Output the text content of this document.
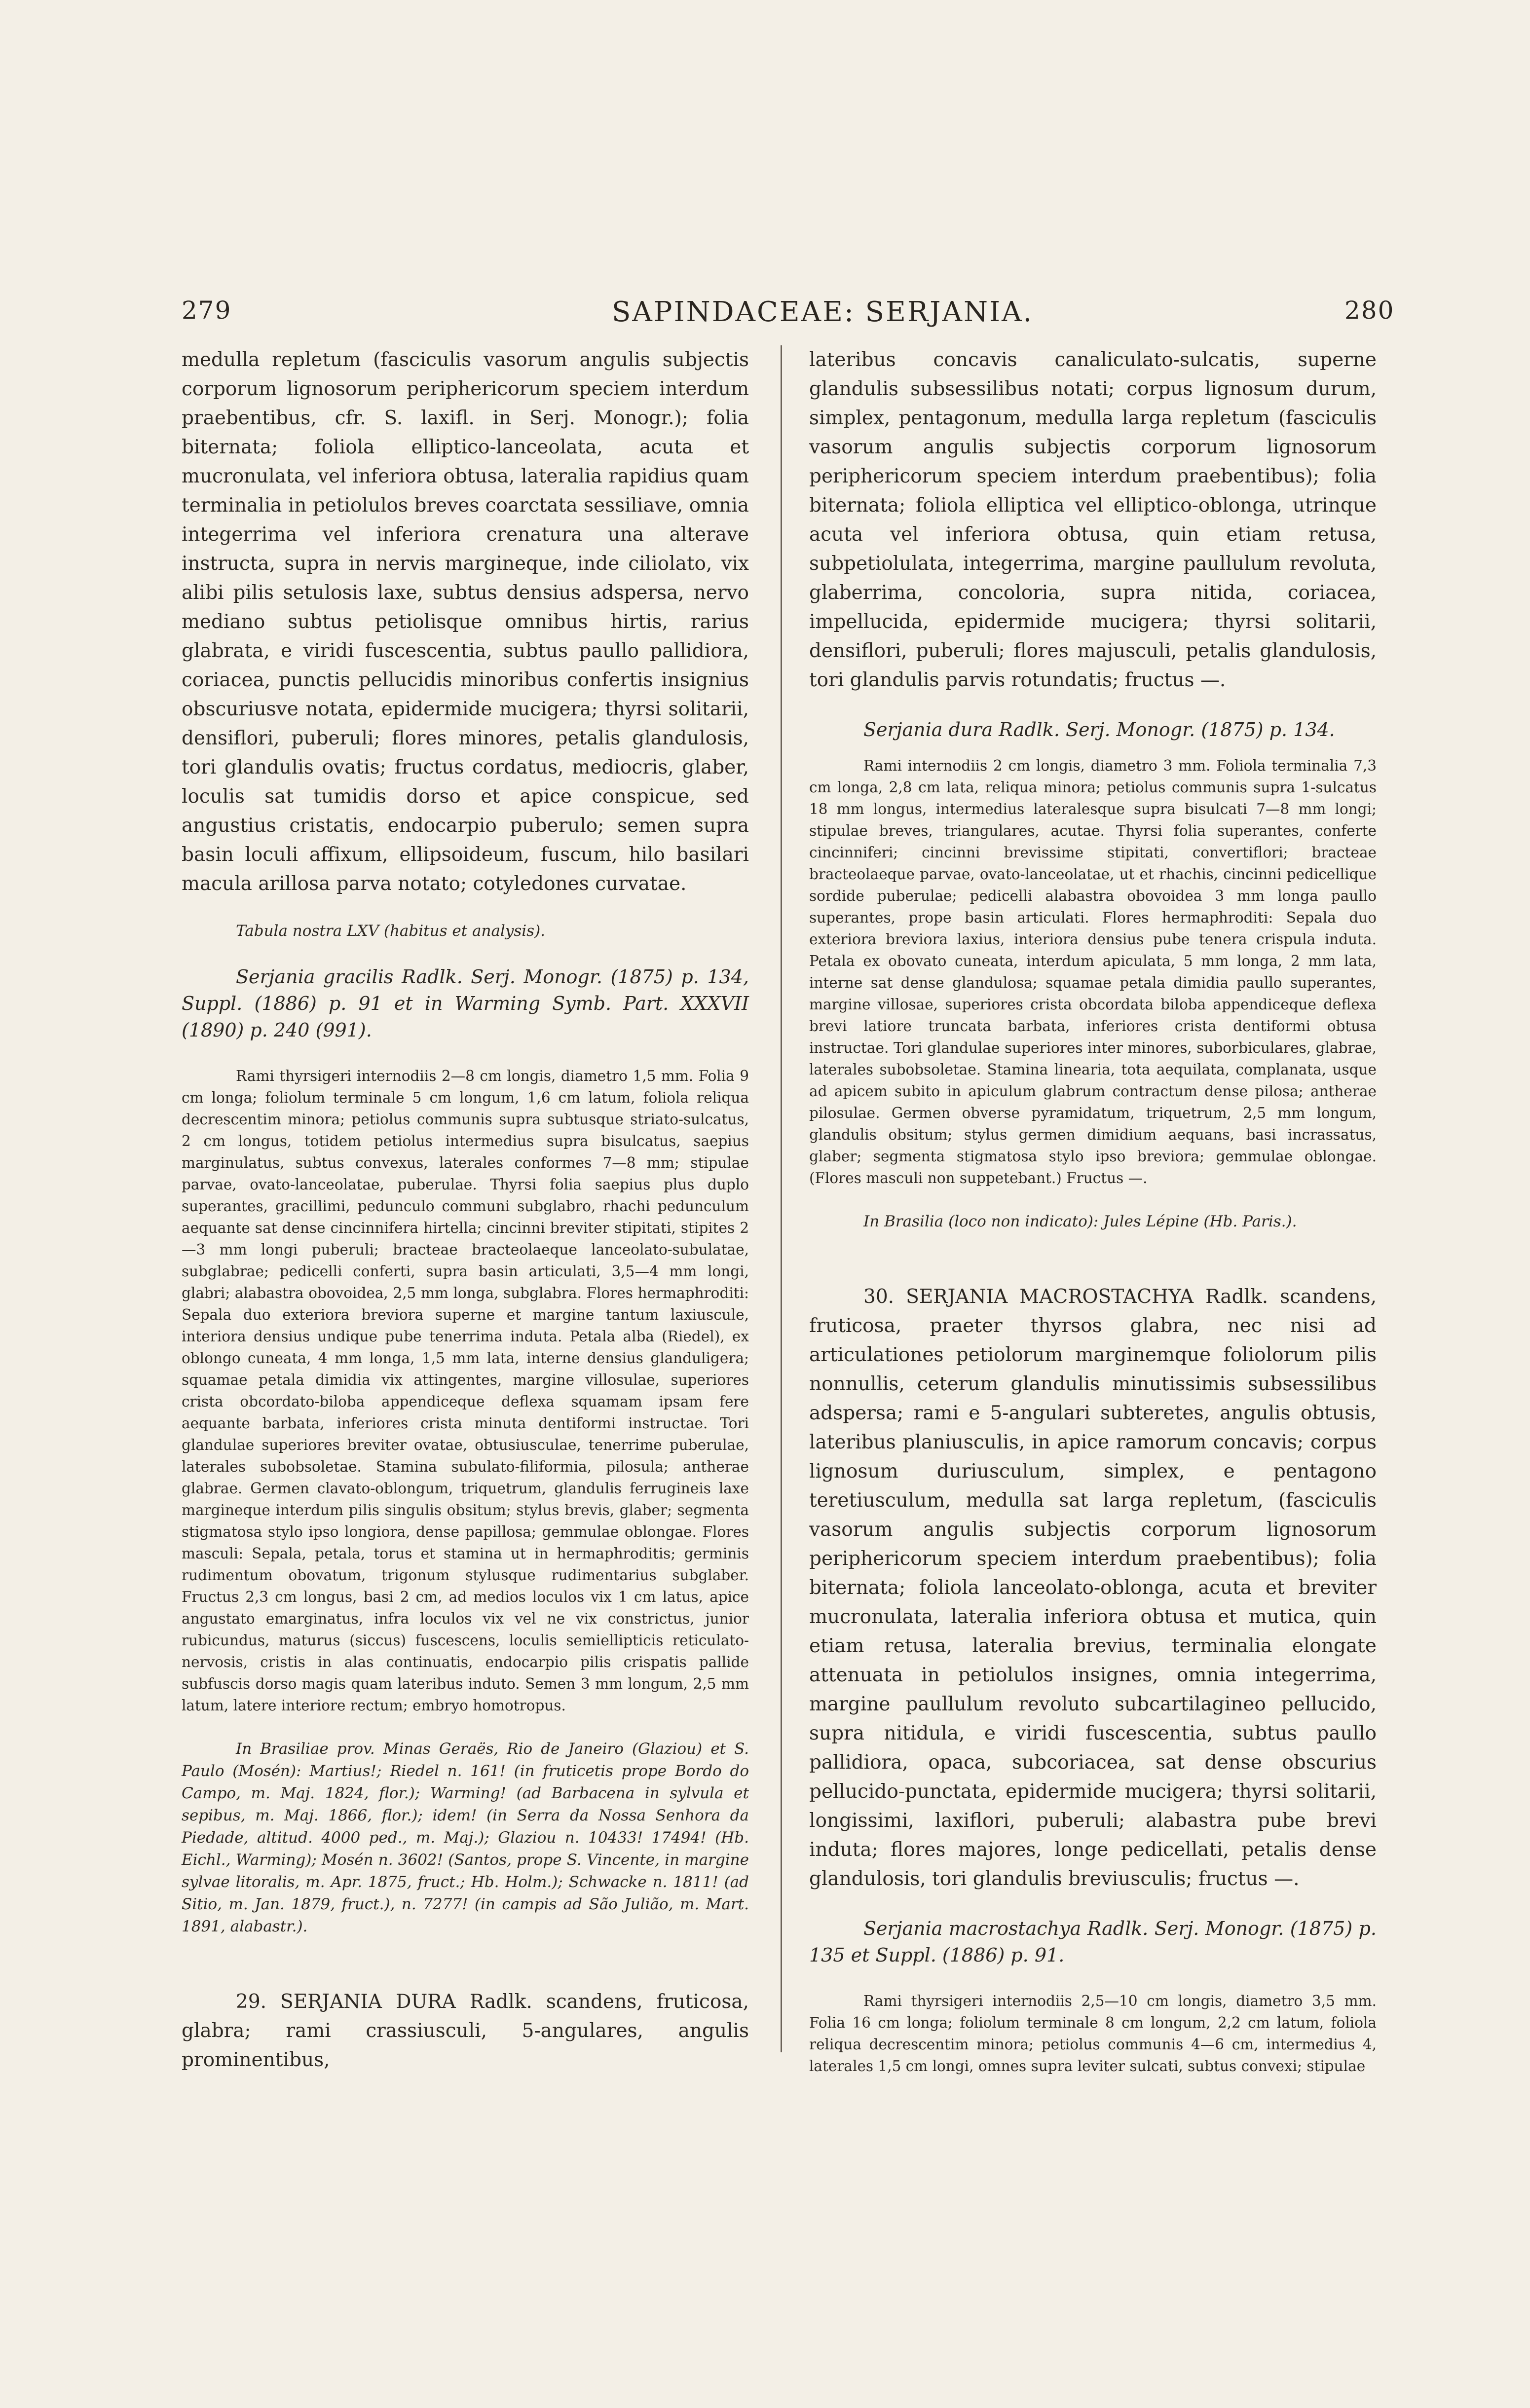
279	SAPINDACEAE: SERJANIA.	280

medulla repletum (fasciculis vasorum angulis subjectis corporum lignosorum periphericorum speciem interdum praebentibus, cfr. S. laxifl. in Serj. Monogr.); folia biternata; foliola elliptico-lanceolata, acuta et mucronulata, vel inferiora obtusa, lateralia rapidius quam terminalia in petiolulos breves coarctata sessiliave, omnia integerrima vel inferiora crenatura una alterave instructa, supra in nervis margineque, inde ciliolato, vix alibi pilis setulosis laxe, subtus densius adspersa, nervo mediano subtus petiolisque omnibus hirtis, rarius glabrata, e viridi fuscescentia, subtus paullo pallidiora, coriacea, punctis pellucidis minoribus confertis insignius obscuriusve notata, epidermide mucigera; thyrsi solitarii, densiflori, puberuli; flores minores, petalis glandulosis, tori glandulis ovatis; fructus cordatus, mediocris, glaber, loculis sat tumidis dorso et apice conspicue, sed angustius cristatis, endocarpio puberulo; semen supra basin loculi affixum, ellipsoideum, fuscum, hilo basilari macula arillosa parva notato; cotyledones curvatae.

Tabula nostra LXV (habitus et analysis).

Serjania gracilis Radlk. Serj. Monogr. (1875) p. 134, Suppl. (1886) p. 91 et in Warming Symb. Part. XXXVII (1890) p. 240 (991).

Rami thyrsigeri internodiis 2—8 cm longis, diametro 1,5 mm. Folia 9 cm longa; foliolum terminale 5 cm longum, 1,6 cm latum, foliola reliqua decrescentim minora; petiolus communis supra subtusque striato-sulcatus, 2 cm longus, totidem petiolus intermedius supra bisulcatus, saepius marginulatus, subtus convexus, laterales conformes 7—8 mm; stipulae parvae, ovato-lanceolatae, puberulae. Thyrsi folia saepius plus duplo superantes, gracillimi, pedunculo communi subglabro, rhachi pedunculum aequante sat dense cincinnifera hirtella; cincinni breviter stipitati, stipites 2—3 mm longi puberuli; bracteae bracteolaeque lanceolato-subulatae, subglabrae; pedicelli conferti, supra basin articulati, 3,5—4 mm longi, glabri; alabastra obovoidea, 2,5 mm longa, subglabra. Flores hermaphroditi: Sepala duo exteriora breviora superne et margine tantum laxiuscule, interiora densius undique pube tenerrima induta. Petala alba (Riedel), ex oblongo cuneata, 4 mm longa, 1,5 mm lata, interne densius glanduligera; squamae petala dimidia vix attingentes, margine villosulae, superiores crista obcordato-biloba appendiceque deflexa squamam ipsam fere aequante barbata, inferiores crista minuta dentiformi instructae. Tori glandulae superiores breviter ovatae, obtusiusculae, tenerrime puberulae, laterales subobsoletae. Stamina subulato-filiformia, pilosula; antherae glabrae. Germen clavato-oblongum, triquetrum, glandulis ferrugineis laxe margineque interdum pilis singulis obsitum; stylus brevis, glaber; segmenta stigmatosa stylo ipso longiora, dense papillosa; gemmulae oblongae. Flores masculi: Sepala, petala, torus et stamina ut in hermaphroditis; germinis rudimentum obovatum, trigonum stylusque rudimentarius subglaber. Fructus 2,3 cm longus, basi 2 cm, ad medios loculos vix 1 cm latus, apice angustato emarginatus, infra loculos vix vel ne vix constrictus, junior rubicundus, maturus (siccus) fuscescens, loculis semiellipticis reticulato-nervosis, cristis in alas continuatis, endocarpio pilis crispatis pallide subfuscis dorso magis quam lateribus induto. Semen 3 mm longum, 2,5 mm latum, latere interiore rectum; embryo homotropus.

In Brasiliae prov. Minas Geraës, Rio de Janeiro (Glaziou) et S. Paulo (Mosén): Martius!; Riedel n. 161! (in fruticetis prope Bordo do Campo, m. Maj. 1824, flor.); Warming! (ad Barbacena in sylvula et sepibus, m. Maj. 1866, flor.); idem! (in Serra da Nossa Senhora da Piedade, altitud. 4000 ped., m. Maj.); Glaziou n. 10433! 17494! (Hb. Eichl., Warming); Mosén n. 3602! (Santos, prope S. Vincente, in margine sylvae litoralis, m. Apr. 1875, fruct.; Hb. Holm.); Schwacke n. 1811! (ad Sitio, m. Jan. 1879, fruct.), n. 7277! (in campis ad São Julião, m. Mart. 1891, alabastr.).

29. SERJANIA DURA Radlk. scandens, fruticosa, glabra; rami crassiusculi, 5-angulares, angulis prominentibus,

lateribus concavis canaliculato-sulcatis, superne glandulis subsessilibus notati; corpus lignosum durum, simplex, pentagonum, medulla larga repletum (fasciculis vasorum angulis subjectis corporum lignosorum periphericorum speciem interdum praebentibus); folia biternata; foliola elliptica vel elliptico-oblonga, utrinque acuta vel inferiora obtusa, quin etiam retusa, subpetiolulata, integerrima, margine paullulum revoluta, glaberrima, concoloria, supra nitida, coriacea, impellucida, epidermide mucigera; thyrsi solitarii, densiflori, puberuli; flores majusculi, petalis glandulosis, tori glandulis parvis rotundatis; fructus —.

Serjania dura Radlk. Serj. Monogr. (1875) p. 134.

Rami internodiis 2 cm longis, diametro 3 mm. Foliola terminalia 7,3 cm longa, 2,8 cm lata, reliqua minora; petiolus communis supra 1-sulcatus 18 mm longus, intermedius lateralesque supra bisulcati 7—8 mm longi; stipulae breves, triangulares, acutae. Thyrsi folia superantes, conferte cincinniferi; cincinni brevissime stipitati, convertiflori; bracteae bracteolaeque parvae, ovato-lanceolatae, ut et rhachis, cincinni pedicellique sordide puberulae; pedicelli alabastra obovoidea 3 mm longa paullo superantes, prope basin articulati. Flores hermaphroditi: Sepala duo exteriora breviora laxius, interiora densius pube tenera crispula induta. Petala ex obovato cuneata, interdum apiculata, 5 mm longa, 2 mm lata, interne sat dense glandulosa; squamae petala dimidia paullo superantes, margine villosae, superiores crista obcordata biloba appendiceque deflexa brevi latiore truncata barbata, inferiores crista dentiformi obtusa instructae. Tori glandulae superiores inter minores, suborbiculares, glabrae, laterales subobsoletae. Stamina linearia, tota aequilata, complanata, usque ad apicem subito in apiculum glabrum contractum dense pilosa; antherae pilosulae. Germen obverse pyramidatum, triquetrum, 2,5 mm longum, glandulis obsitum; stylus germen dimidium aequans, basi incrassatus, glaber; segmenta stigmatosa stylo ipso breviora; gemmulae oblongae. (Flores masculi non suppetebant.) Fructus —.

In Brasilia (loco non indicato): Jules Lépine (Hb. Paris.).

30. SERJANIA MACROSTACHYA Radlk. scandens, fruticosa, praeter thyrsos glabra, nec nisi ad articulationes petiolorum marginemque foliolorum pilis nonnullis, ceterum glandulis minutissimis subsessilibus adspersa; rami e 5-angulari subteretes, angulis obtusis, lateribus planiusculis, in apice ramorum concavis; corpus lignosum duriusculum, simplex, e pentagono teretiusculum, medulla sat larga repletum, (fasciculis vasorum angulis subjectis corporum lignosorum periphericorum speciem interdum praebentibus); folia biternata; foliola lanceolato-oblonga, acuta et breviter mucronulata, lateralia inferiora obtusa et mutica, quin etiam retusa, lateralia brevius, terminalia elongate attenuata in petiolulos insignes, omnia integerrima, margine paullulum revoluto subcartilagineo pellucido, supra nitidula, e viridi fuscescentia, subtus paullo pallidiora, opaca, subcoriacea, sat dense obscurius pellucido-punctata, epidermide mucigera; thyrsi solitarii, longissimi, laxiflori, puberuli; alabastra pube brevi induta; flores majores, longe pedicellati, petalis dense glandulosis, tori glandulis breviusculis; fructus —.

Serjania macrostachya Radlk. Serj. Monogr. (1875) p. 135 et Suppl. (1886) p. 91.

Rami thyrsigeri internodiis 2,5—10 cm longis, diametro 3,5 mm. Folia 16 cm longa; foliolum terminale 8 cm longum, 2,2 cm latum, foliola reliqua decrescentim minora; petiolus communis 4—6 cm, intermedius 4, laterales 1,5 cm longi, omnes supra leviter sulcati, subtus convexi; stipulae
